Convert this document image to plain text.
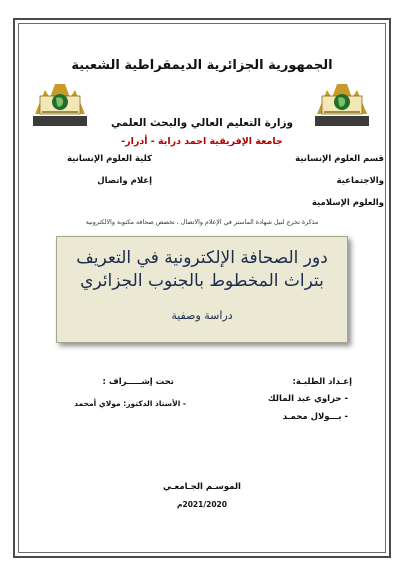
الجمهورية الجزائرية الديمقراطية الشعبية
وزارة التعليم العالي والبحث العلمي
جامعة الإفريقية احمد دراية - أدرار-
قسم العلوم الإنسانية
والاجتماعية
والعلوم الإسلامية
كلية العلوم الإنسانية
إعلام واتصال
مذكرة تخرج لنيل شهادة الماستر في الإعلام والاتصال ، تخصص صحافة مكتوبة والالكترونية
دور الصحافة الإلكترونية في التعريف
بتراث المخطوط بالجنوب الجزائري
دراسة وصفية
إعـداد الطلبـة:
- حزاوي عبد المالك
- بـــولال محمـد
تحت إشـــــراف :
- الأستاذ الدكتور: مولاي أمحمد
الموسـم الجـامعـي
2021/2020م
